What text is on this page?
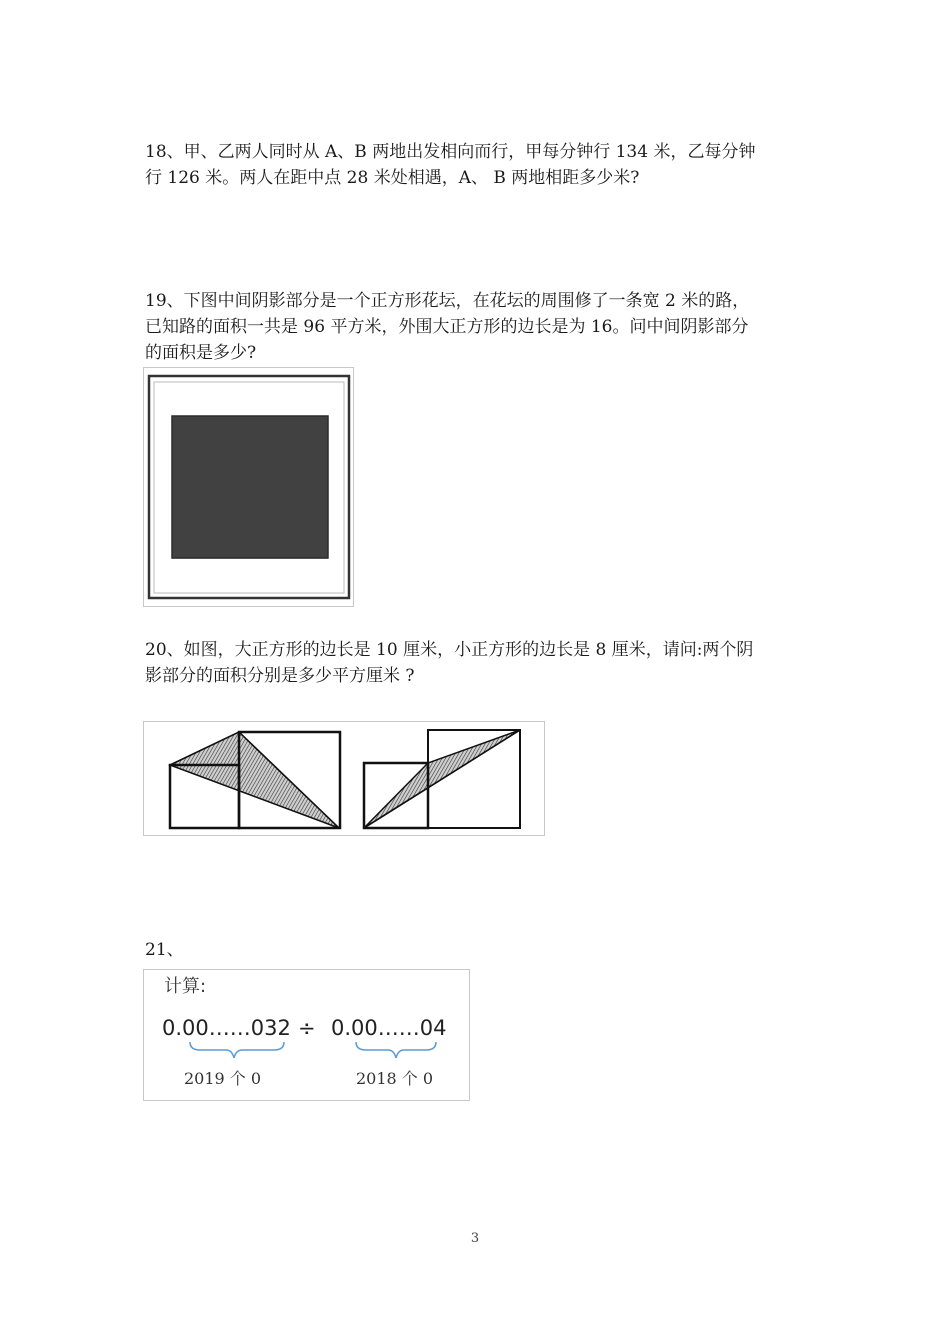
18、甲、乙两人同时从 A、B 两地出发相向而行，甲每分钟行 134 米，乙每分钟

行 126 米。两人在距中点 28 米处相遇，A、 B 两地相距多少米?

19、下图中间阴影部分是一个正方形花坛，在花坛的周围修了一条宽 2 米的路，

已知路的面积一共是 96 平方米，外围大正方形的边长是为 16。问中间阴影部分

的面积是多少?

20、如图，大正方形的边长是 10 厘米，小正方形的边长是 8 厘米，请问:两个阴

影部分的面积分别是多少平方厘米 ?

21、

计算:
0.00……032 ÷ 0.00……04
2019 个 0	2018 个 0
3
